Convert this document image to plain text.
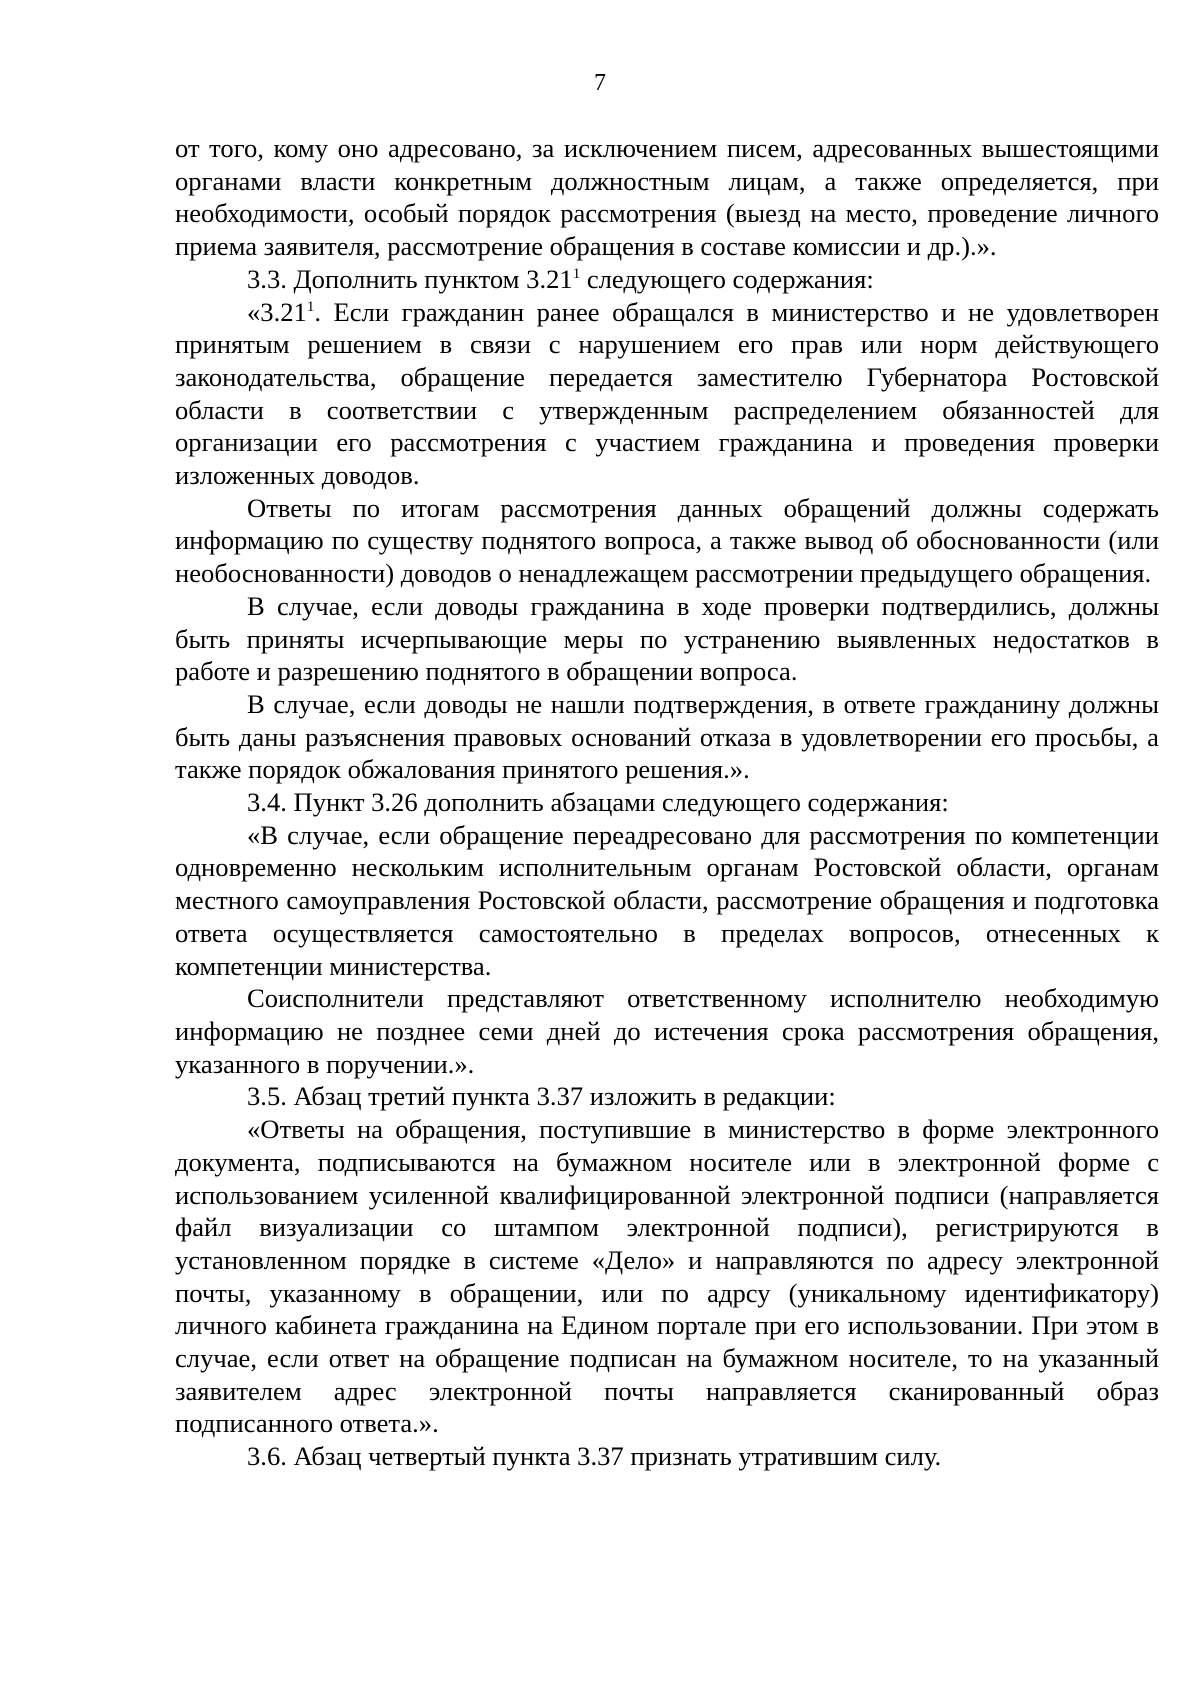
7

от того, кому оно адресовано, за исключением писем, адресованных вышестоящими органами власти конкретным должностным лицам, а также определяется, при необходимости, особый порядок рассмотрения (выезд на место, проведение личного приема заявителя, рассмотрение обращения в составе комиссии и др.).».

3.3. Дополнить пунктом 3.21$^1$ следующего содержания:

«3.21$^1$. Если гражданин ранее обращался в министерство и не удовлетворен принятым решением в связи с нарушением его прав или норм действующего законодательства, обращение передается заместителю Губернатора Ростовской области в соответствии с утвержденным распределением обязанностей для организации его рассмотрения с участием гражданина и проведения проверки изложенных доводов.

Ответы по итогам рассмотрения данных обращений должны содержать информацию по существу поднятого вопроса, а также вывод об обоснованности (или необоснованности) доводов о ненадлежащем рассмотрении предыдущего обращения.

В случае, если доводы гражданина в ходе проверки подтвердились, должны быть приняты исчерпывающие меры по устранению выявленных недостатков в работе и разрешению поднятого в обращении вопроса.

В случае, если доводы не нашли подтверждения, в ответе гражданину должны быть даны разъяснения правовых оснований отказа в удовлетворении его просьбы, а также порядок обжалования принятого решения.».

3.4. Пункт 3.26 дополнить абзацами следующего содержания:

«В случае, если обращение переадресовано для рассмотрения по компетенции одновременно нескольким исполнительным органам Ростовской области, органам местного самоуправления Ростовской области, рассмотрение обращения и подготовка ответа осуществляется самостоятельно в пределах вопросов, отнесенных к компетенции министерства.

Соисполнители представляют ответственному исполнителю необходимую информацию не позднее семи дней до истечения срока рассмотрения обращения, указанного в поручении.».

3.5. Абзац третий пункта 3.37 изложить в редакции:

«Ответы на обращения, поступившие в министерство в форме электронного документа, подписываются на бумажном носителе или в электронной форме с использованием усиленной квалифицированной электронной подписи (направляется файл визуализации со штампом электронной подписи), регистрируются в установленном порядке в системе «Дело» и направляются по адресу электронной почты, указанному в обращении, или по адрсу (уникальному идентификатору) личного кабинета гражданина на Едином портале при его использовании. При этом в случае, если ответ на обращение подписан на бумажном носителе, то на указанный заявителем адрес электронной почты направляется сканированный образ подписанного ответа.».

3.6. Абзац четвертый пункта 3.37 признать утратившим силу.
